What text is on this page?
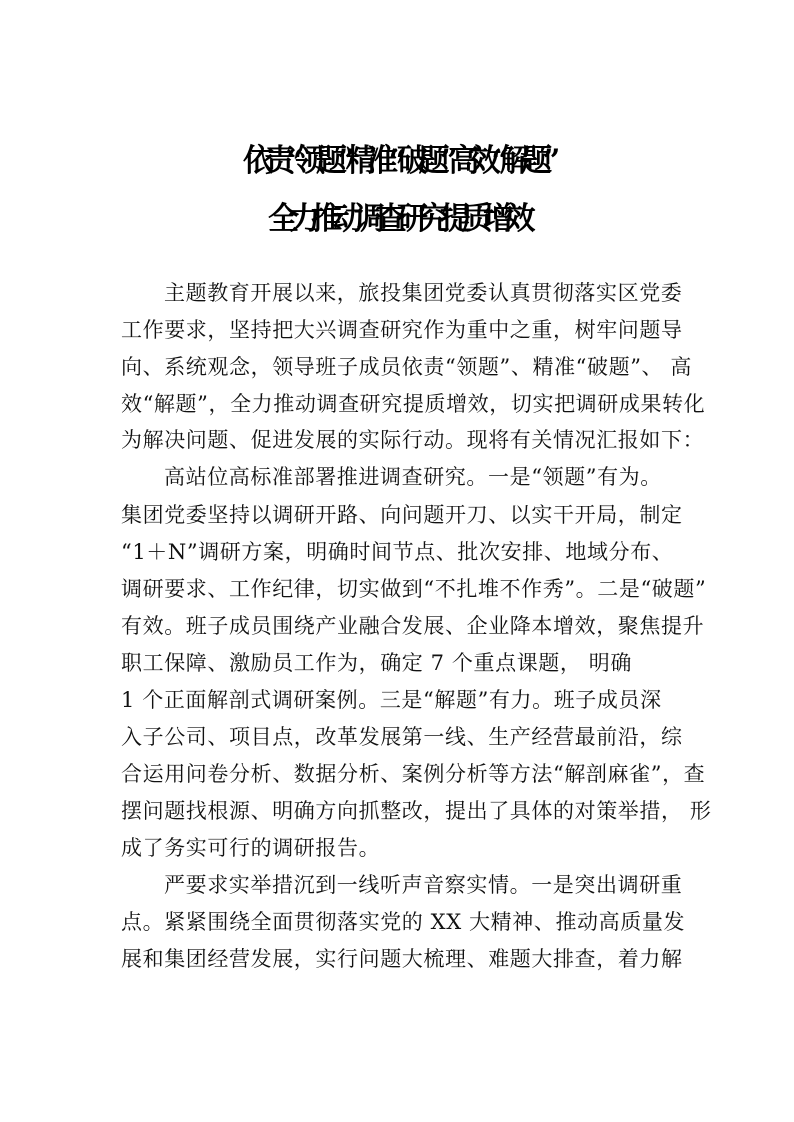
依责“领题”精准“破题”高效“解题”
全力推动调查研究提质增效
主题教育开展以来，旅投集团党委认真贯彻落实区党委
工作要求，坚持把大兴调查研究作为重中之重，树牢问题导
向、系统观念，领导班子成员依责“领题”、精准“破题”、 高
效“解题”，全力推动调查研究提质增效，切实把调研成果转化
为解决问题、促进发展的实际行动。现将有关情况汇报如下：
高站位高标准部署推进调查研究。一是“领题”有为。
集团党委坚持以调研开路、向问题开刀、以实干开局，制定
“1＋N”调研方案，明确时间节点、批次安排、地域分布、
调研要求、工作纪律，切实做到“不扎堆不作秀”。二是“破题”
有效。班子成员围绕产业融合发展、企业降本增效，聚焦提升
职工保障、激励员工作为，确定 7 个重点课题， 明确
1 个正面解剖式调研案例。三是“解题”有力。班子成员深
入子公司、项目点，改革发展第一线、生产经营最前沿，综
合运用问卷分析、数据分析、案例分析等方法“解剖麻雀”，查
摆问题找根源、明确方向抓整改，提出了具体的对策举措， 形
成了务实可行的调研报告。
严要求实举措沉到一线听声音察实情。一是突出调研重
点。紧紧围绕全面贯彻落实党的 XX 大精神、推动高质量发
展和集团经营发展，实行问题大梳理、难题大排查，着力解
